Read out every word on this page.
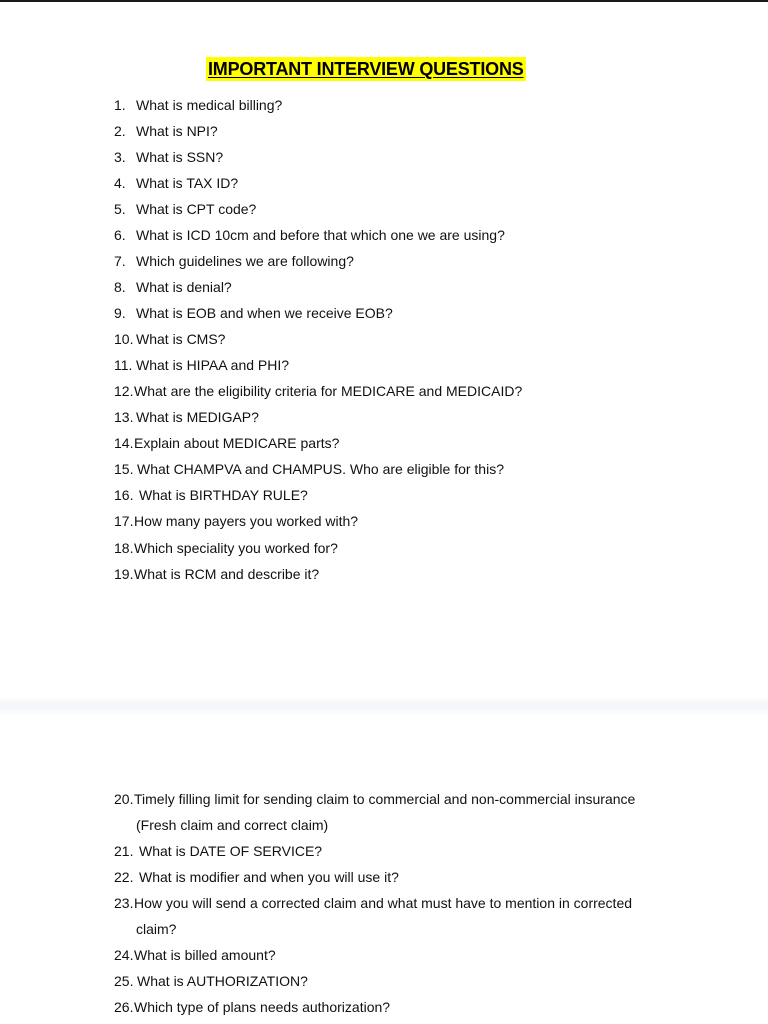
IMPORTANT INTERVIEW QUESTIONS
1. What is medical billing?
2. What is NPI?
3. What is SSN?
4. What is TAX ID?
5. What is CPT code?
6. What is ICD 10cm and before that which one we are using?
7. Which guidelines we are following?
8. What is denial?
9. What is EOB and when we receive EOB?
10. What is CMS?
11. What is HIPAA and PHI?
12.What are the eligibility criteria for MEDICARE and MEDICAID?
13. What is MEDIGAP?
14.Explain about MEDICARE parts?
15. What CHAMPVA and CHAMPUS. Who are eligible for this?
16. What is BIRTHDAY RULE?
17.How many payers you worked with?
18.Which speciality you worked for?
19.What is RCM and describe it?
20.Timely filling limit for sending claim to commercial and non-commercial insurance
(Fresh claim and correct claim)
21. What is DATE OF SERVICE?
22. What is modifier and when you will use it?
23.How you will send a corrected claim and what must have to mention in corrected
claim?
24.What is billed amount?
25. What is AUTHORIZATION?
26.Which type of plans needs authorization?
